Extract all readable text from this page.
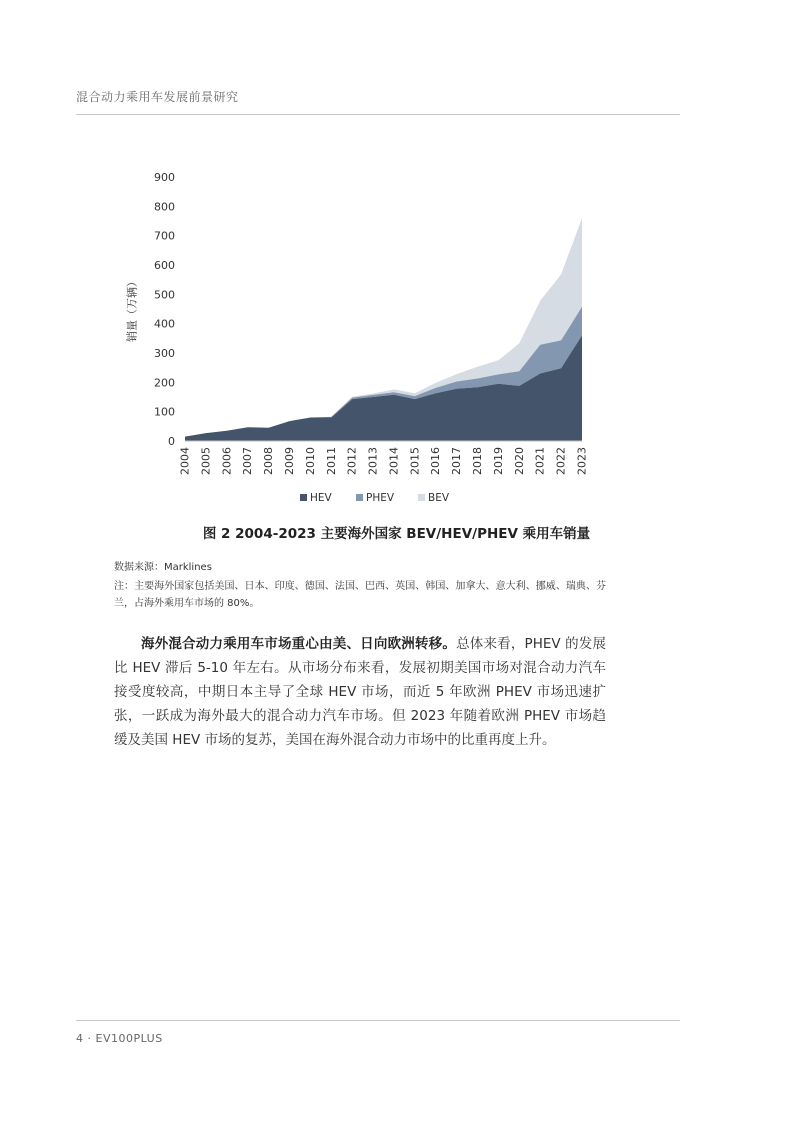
混合动力乘用车发展前景研究
0
100
200
300
400
500
600
700
800
900
2004 2005 2006 2007 2008 2009 2010 2011 2012 2013 2014 2015 2016 2017 2018 2019 2020 2021 2022 2023
销量（万辆）
HEV	PHEV	BEV
图 2 2004-2023 主要海外国家 BEV/HEV/PHEV 乘用车销量
数据来源：Marklines
注：主要海外国家包括美国、日本、印度、德国、法国、巴西、英国、韩国、加拿大、意大利、挪威、瑞典、芬兰，占海外乘用车市场的 80%。
海外混合动力乘用车市场重心由美、日向欧洲转移。总体来看，PHEV 的发展比 HEV 滞后 5-10 年左右。从市场分布来看，发展初期美国市场对混合动力汽车接受度较高，中期日本主导了全球 HEV 市场，而近 5 年欧洲 PHEV 市场迅速扩张，一跃成为海外最大的混合动力汽车市场。但 2023 年随着欧洲 PHEV 市场趋缓及美国 HEV 市场的复苏，美国在海外混合动力市场中的比重再度上升。
4 · EV100PLUS
